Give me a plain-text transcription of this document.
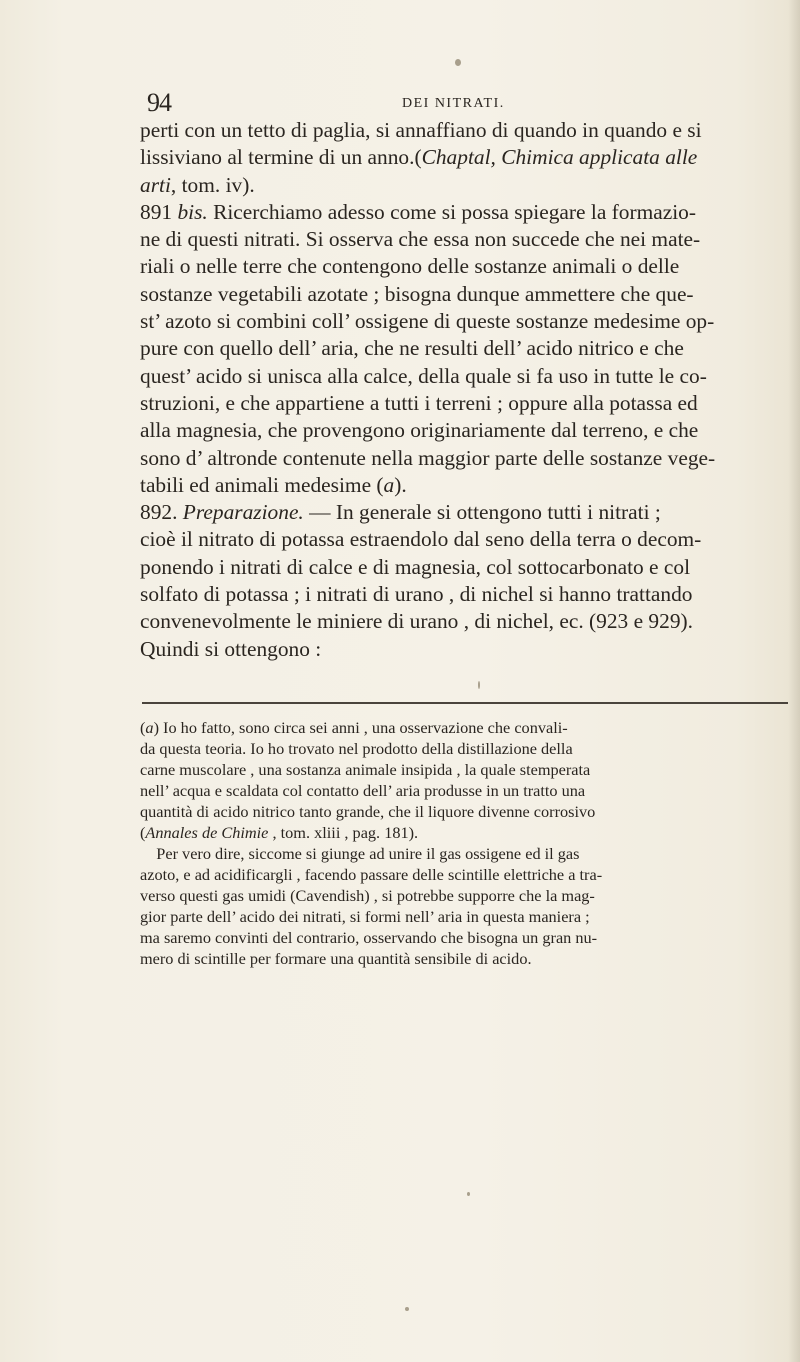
94	DEI NITRATI.
perti con un tetto di paglia, si annaffiano di quando in quando e si
lissiviano al termine di un anno.(Chaptal, Chimica applicata alle
arti, tom. iv).
891 bis. Ricerchiamo adesso come si possa spiegare la formazio-
ne di questi nitrati. Si osserva che essa non succede che nei mate-
riali o nelle terre che contengono delle sostanze animali o delle
sostanze vegetabili azotate ; bisogna dunque ammettere che que-
st’ azoto si combini coll’ ossigene di queste sostanze medesime op-
pure con quello dell’ aria, che ne resulti dell’ acido nitrico e che
quest’ acido si unisca alla calce, della quale si fa uso in tutte le co-
struzioni, e che appartiene a tutti i terreni ; oppure alla potassa ed
alla magnesia, che provengono originariamente dal terreno, e che
sono d’ altronde contenute nella maggior parte delle sostanze vege-
tabili ed animali medesime (a).
892. Preparazione. — In generale si ottengono tutti i nitrati ;
cioè il nitrato di potassa estraendolo dal seno della terra o decom-
ponendo i nitrati di calce e di magnesia, col sottocarbonato e col
solfato di potassa ; i nitrati di urano , di nichel si hanno trattando
convenevolmente le miniere di urano , di nichel, ec. (923 e 929).
Quindi si ottengono :
(a) Io ho fatto, sono circa sei anni , una osservazione che convali-
da questa teoria. Io ho trovato nel prodotto della distillazione della
carne muscolare , una sostanza animale insipida , la quale stemperata
nell’ acqua e scaldata col contatto dell’ aria produsse in un tratto una
quantità di acido nitrico tanto grande, che il liquore divenne corrosivo
(Annales de Chimie , tom. xliii , pag. 181).
Per vero dire, siccome si giunge ad unire il gas ossigene ed il gas
azoto, e ad acidificargli , facendo passare delle scintille elettriche a tra-
verso questi gas umidi (Cavendish) , si potrebbe supporre che la mag-
gior parte dell’ acido dei nitrati, si formi nell’ aria in questa maniera ;
ma saremo convinti del contrario, osservando che bisogna un gran nu-
mero di scintille per formare una quantità sensibile di acido.
